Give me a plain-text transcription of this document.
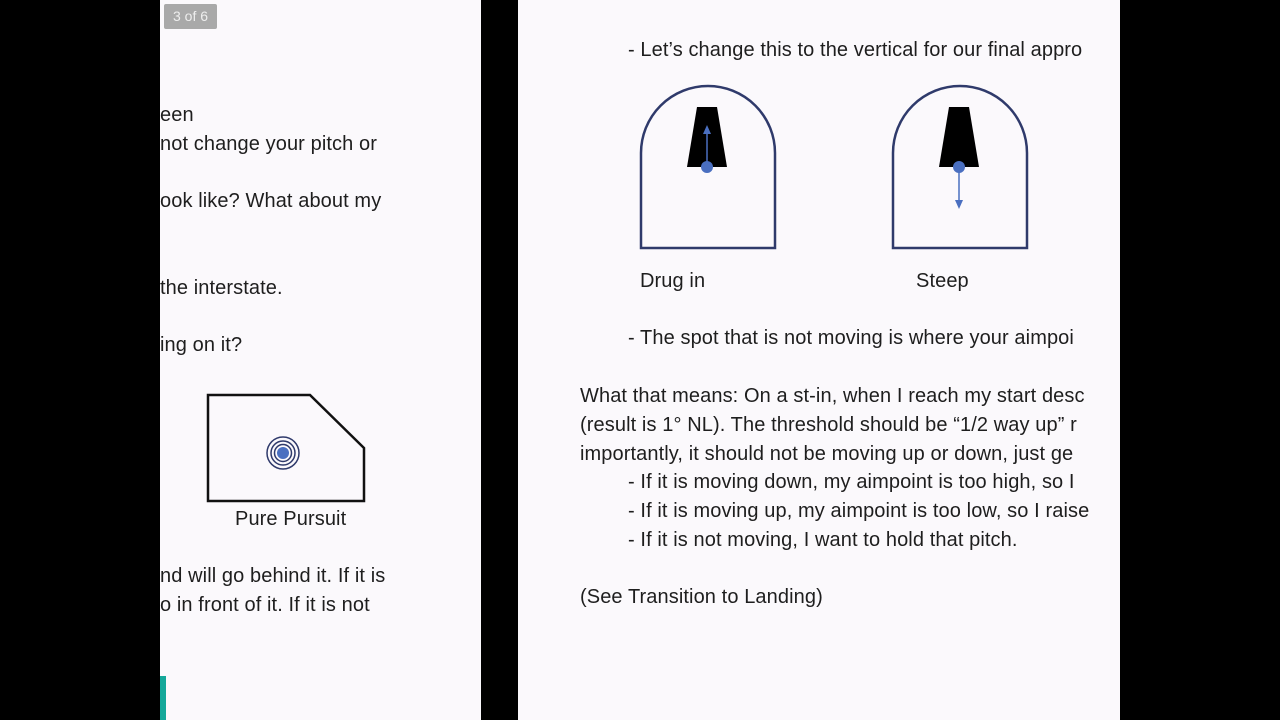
een
not change your pitch or
ook like? What about my
the interstate.
ing on it?
Pure Pursuit
nd will go behind it. If it is
o in front of it. If it is not
3 of 6
- Let’s change this to the vertical for our final appro
Drug in	Steep
- The spot that is not moving is where your aimpoi
What that means: On a st-in, when I reach my start desc
(result is 1° NL). The threshold should be “1/2 way up” r
importantly, it should not be moving up or down, just ge
- If it is moving down, my aimpoint is too high, so I
- If it is moving up, my aimpoint is too low, so I raise
- If it is not moving, I want to hold that pitch.
(See Transition to Landing)
